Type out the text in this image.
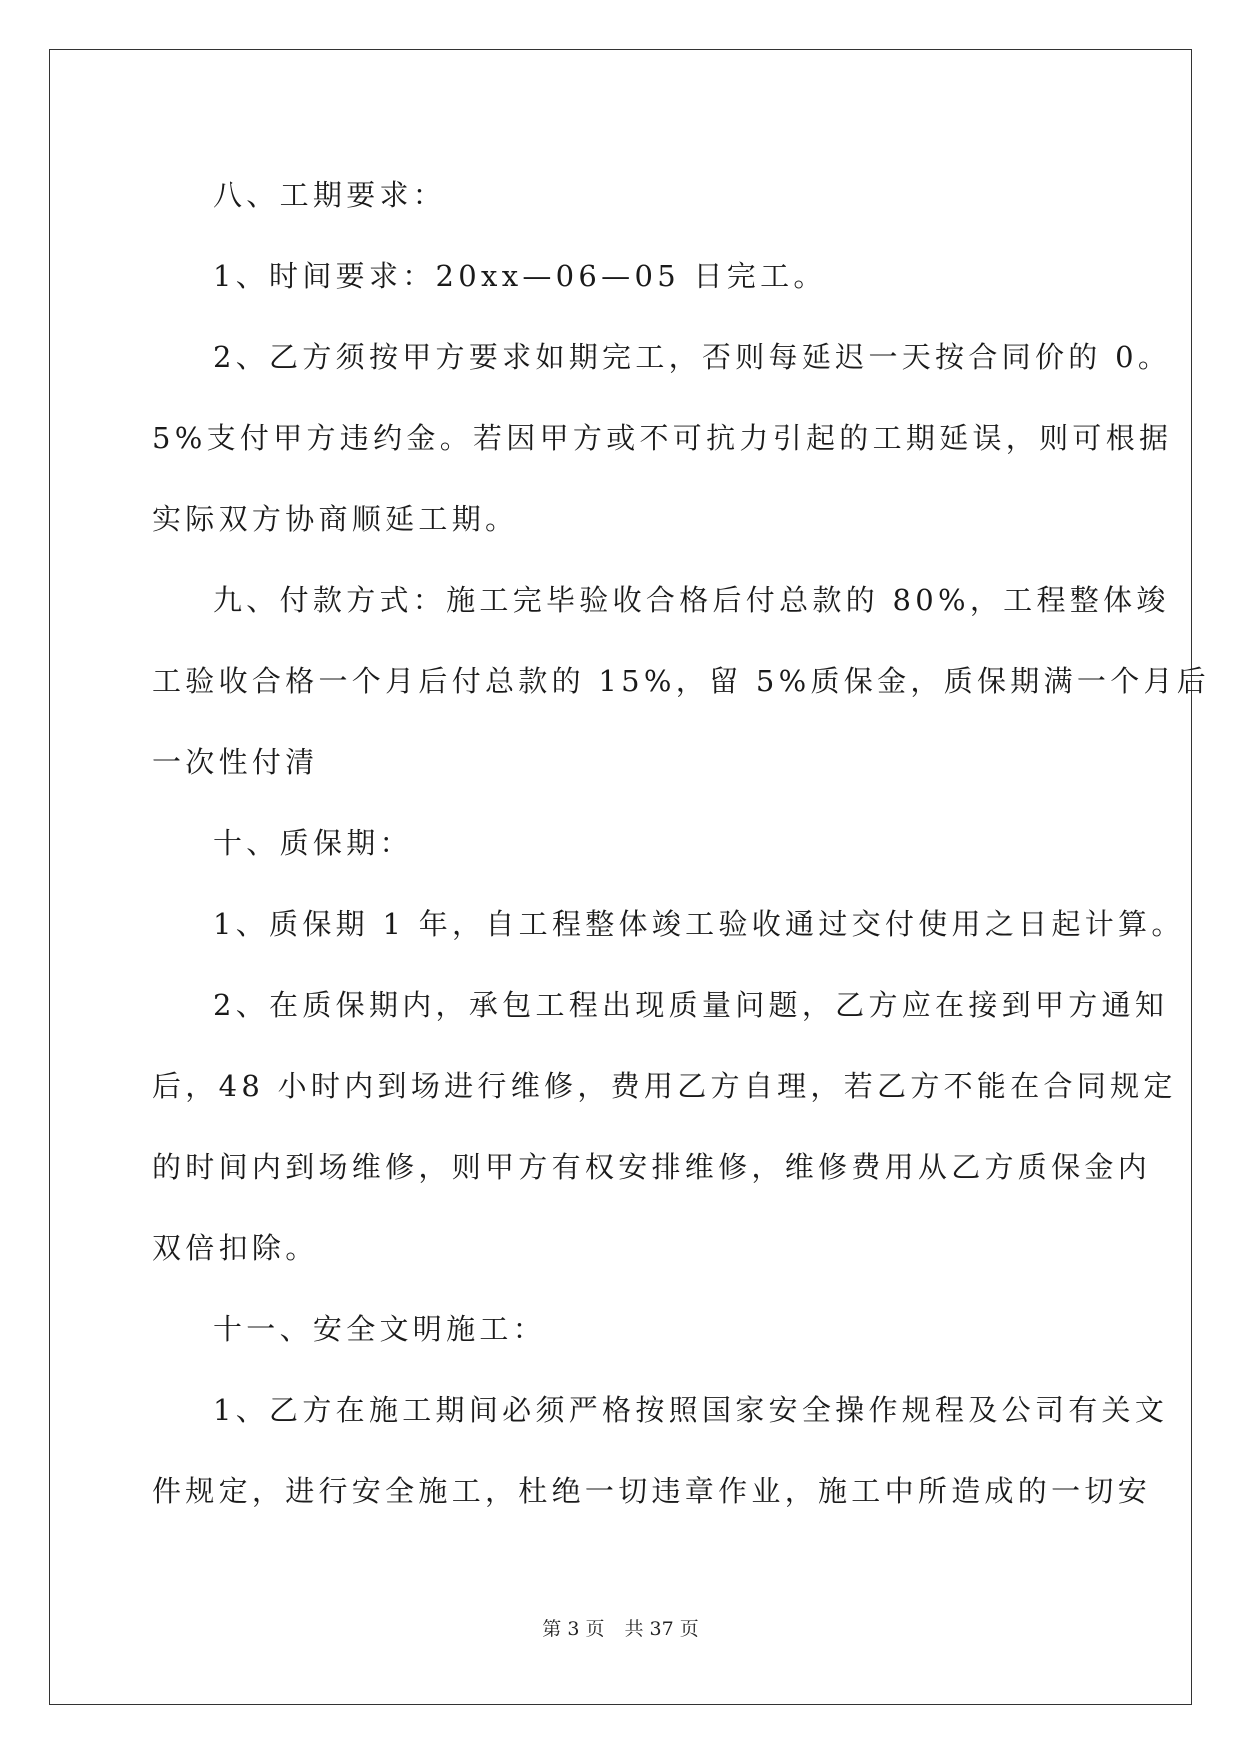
八、工期要求：

1、时间要求：20xx—06—05 日完工。

2、乙方须按甲方要求如期完工，否则每延迟一天按合同价的 0。

5%支付甲方违约金。若因甲方或不可抗力引起的工期延误，则可根据

实际双方协商顺延工期。

九、付款方式：施工完毕验收合格后付总款的 80%，工程整体竣

工验收合格一个月后付总款的 15%，留 5%质保金，质保期满一个月后

一次性付清

十、质保期：

1、质保期 1 年，自工程整体竣工验收通过交付使用之日起计算。

2、在质保期内，承包工程出现质量问题，乙方应在接到甲方通知

后，48 小时内到场进行维修，费用乙方自理，若乙方不能在合同规定

的时间内到场维修，则甲方有权安排维修，维修费用从乙方质保金内

双倍扣除。

十一、安全文明施工：

1、乙方在施工期间必须严格按照国家安全操作规程及公司有关文

件规定，进行安全施工，杜绝一切违章作业，施工中所造成的一切安

第 3 页 共 37 页
